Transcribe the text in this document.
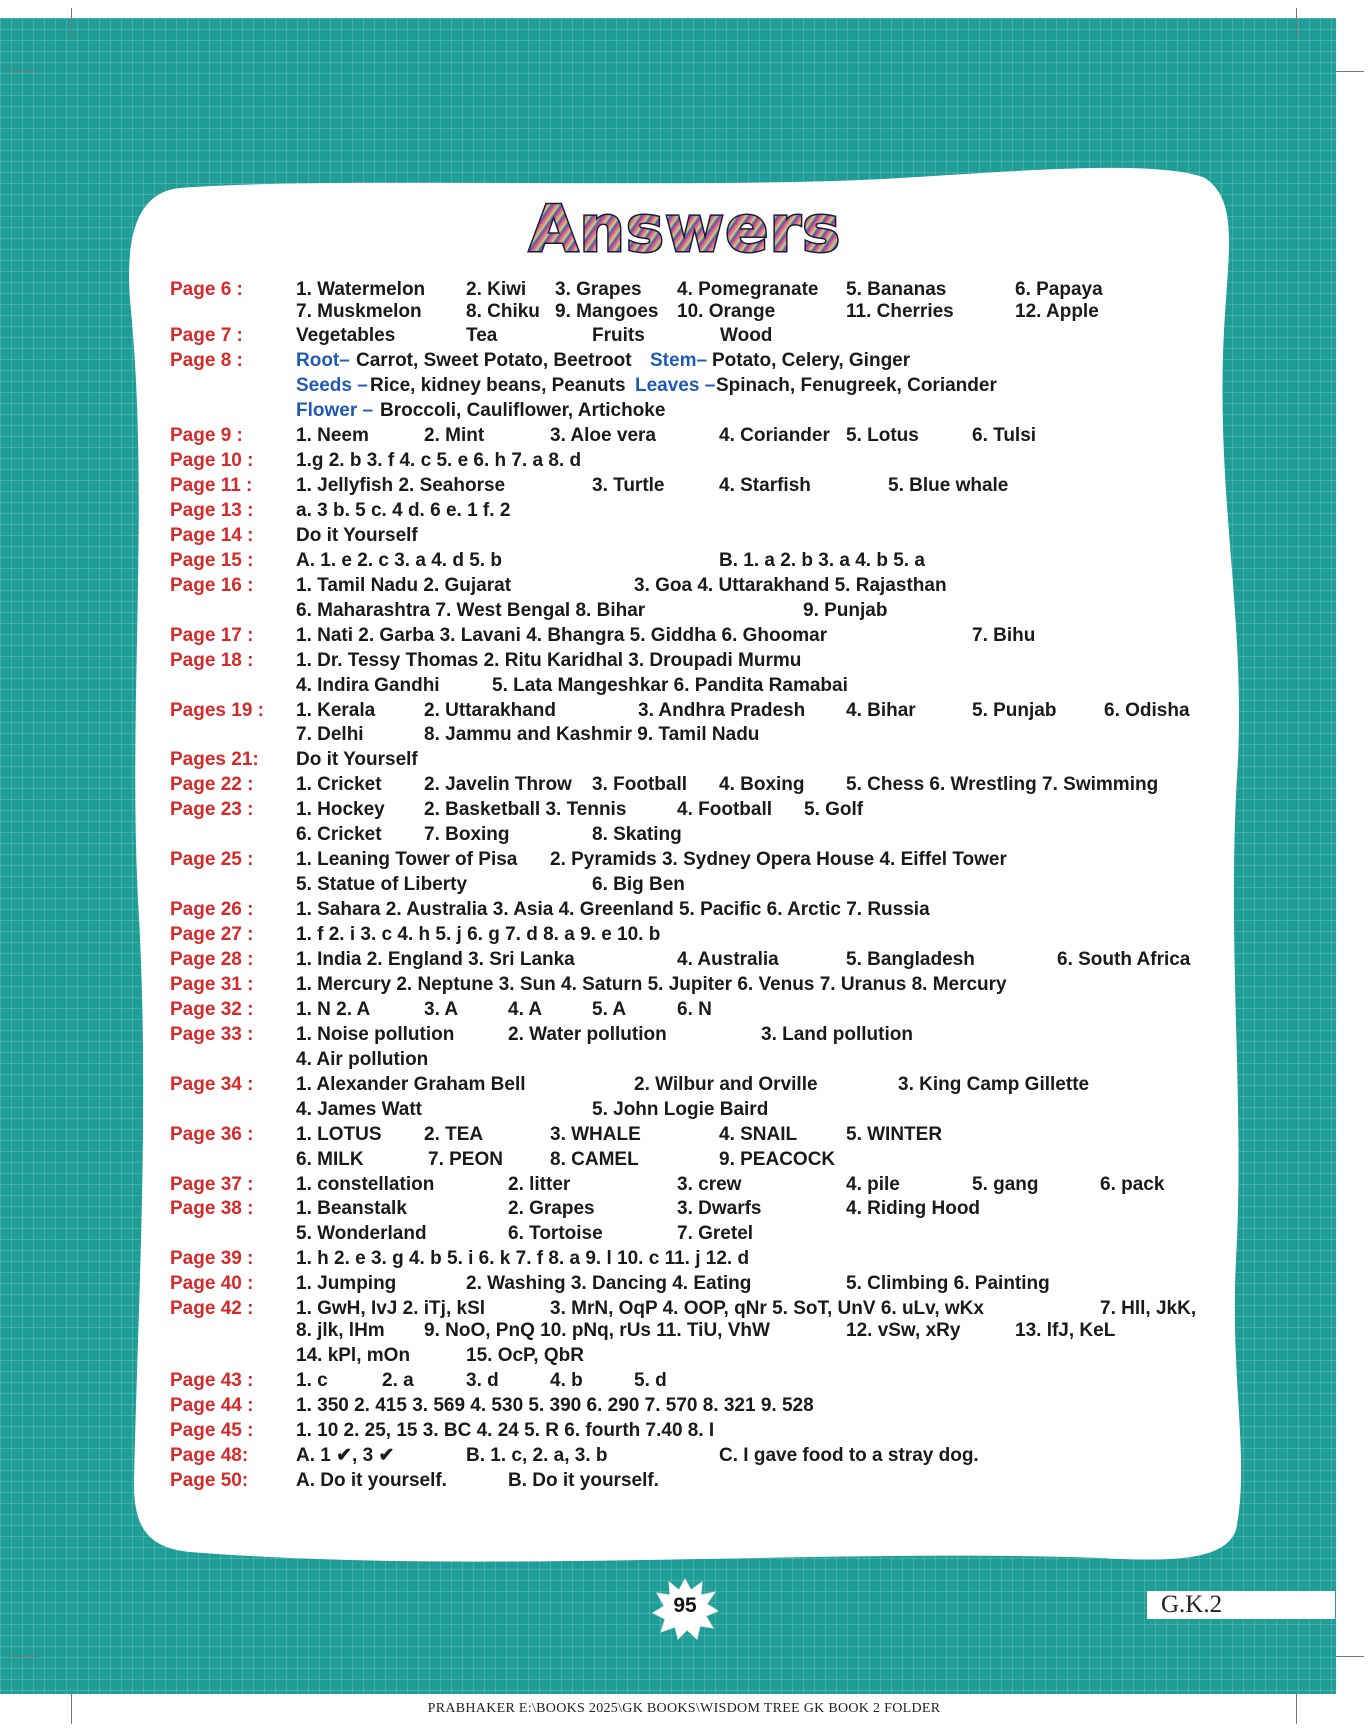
Answers
Page 6 :	1. Watermelon 2. Kiwi 3. Grapes 4. Pomegranate 5. Bananas	6. Papaya
7. Muskmelon 8. Chiku 9. Mangoes 10. Orange	11. Cherries	12. Apple
Page 7 :	Vegetables	Tea	Fruits	Wood
Page 8 :	Root– Carrot, Sweet Potato, Beetroot Stem– Potato, Celery, Ginger
Seeds – Rice, kidney beans, Peanuts Leaves – Spinach, Fenugreek, Coriander
Flower – Broccoli, Cauliflower, Artichoke
Page 9 :	1. Neem	2. Mint	3. Aloe vera	4. Coriander 5. Lotus	6. Tulsi
Page 10 : 1.g 2. b 3. f 4. c 5. e 6. h 7. a 8. d
Page 11 : 1. Jellyfish 2. Seahorse	3. Turtle	4. Starfish	5. Blue whale
Page 13 : a. 3 b. 5 c. 4 d. 6 e. 1 f. 2
Page 14 : Do it Yourself
Page 15 : A. 1. e 2. c 3. a 4. d 5. b	B. 1. a 2. b 3. a 4. b 5. a
Page 16 : 1. Tamil Nadu 2. Gujarat	3. Goa 4. Uttarakhand 5. Rajasthan
6. Maharashtra 7. West Bengal 8. Bihar	9. Punjab
Page 17 : 1. Nati 2. Garba 3. Lavani 4. Bhangra 5. Giddha 6. Ghoomar	7. Bihu
Page 18 : 1. Dr. Tessy Thomas 2. Ritu Karidhal 3. Droupadi Murmu
4. Indira Gandhi	5. Lata Mangeshkar 6. Pandita Ramabai
Pages 19 : 1. Kerala	2. Uttarakhand	3. Andhra Pradesh 4. Bihar	5. Punjab	6. Odisha
7. Delhi	8. Jammu and Kashmir 9. Tamil Nadu
Pages 21: Do it Yourself
Page 22 : 1. Cricket 2. Javelin Throw 3. Football 4. Boxing 5. Chess 6. Wrestling 7. Swimming
Page 23 : 1. Hockey 2. Basketball 3. Tennis	4. Football 5. Golf
6. Cricket 7. Boxing	8. Skating
Page 25 : 1. Leaning Tower of Pisa 2. Pyramids 3. Sydney Opera House 4. Eiffel Tower
5. Statue of Liberty	6. Big Ben
Page 26 : 1. Sahara 2. Australia 3. Asia 4. Greenland 5. Pacific 6. Arctic 7. Russia
Page 27 : 1. f 2. i 3. c 4. h 5. j 6. g 7. d 8. a 9. e 10. b
Page 28 : 1. India 2. England 3. Sri Lanka	4. Australia	5. Bangladesh	6. South Africa
Page 31 : 1. Mercury 2. Neptune 3. Sun 4. Saturn 5. Jupiter 6. Venus 7. Uranus 8. Mercury
Page 32 : 1. N 2. A	3. A	4. A	5. A	6. N
Page 33 : 1. Noise pollution	2. Water pollution	3. Land pollution
4. Air pollution
Page 34 : 1. Alexander Graham Bell	2. Wilbur and Orville	3. King Camp Gillette
4. James Watt	5. John Logie Baird
Page 36 : 1. LOTUS 2. TEA	3. WHALE	4. SNAIL	5. WINTER
6. MILK	7. PEON 8. CAMEL	9. PEACOCK
Page 37 : 1. constellation	2. litter	3. crew	4. pile	5. gang	6. pack
Page 38 : 1. Beanstalk	2. Grapes	3. Dwarfs	4. Riding Hood
5. Wonderland	6. Tortoise	7. Gretel
Page 39 : 1. h 2. e 3. g 4. b 5. i 6. k 7. f 8. a 9. l 10. c 11. j 12. d
Page 40 : 1. Jumping	2. Washing 3. Dancing 4. Eating	5. Climbing 6. Painting
Page 42 : 1. GwH, IvJ 2. iTj, kSl	3. MrN, OqP 4. OOP, qNr 5. SoT, UnV 6. uLv, wKx	7. Hll, JkK,
8. jlk, lHm 9. NoO, PnQ 10. pNq, rUs 11. TiU, VhW	12. vSw, xRy	13. lfJ, KeL
14. kPl, mOn	15. OcP, QbR
Page 43 : 1. c	2. a	3. d	4. b	5. d
Page 44 : 1. 350 2. 415 3. 569 4. 530 5. 390 6. 290 7. 570 8. 321 9. 528
Page 45 : 1. 10 2. 25, 15 3. BC 4. 24 5. R 6. fourth 7.40 8. I
Page 48:	A. 1 ✔, 3 ✔	B. 1. c, 2. a, 3. b	C. I gave food to a stray dog.
Page 50:	A. Do it yourself.	B. Do it yourself.
95	G.K.2
PRABHAKER E:\BOOKS 2025\GK BOOKS\WISDOM TREE GK BOOK 2 FOLDER
